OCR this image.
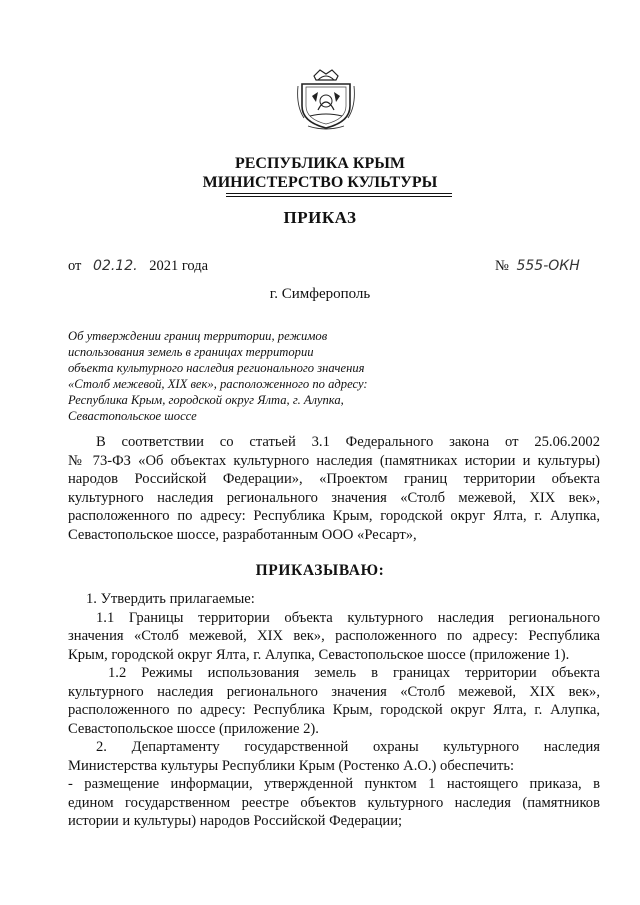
РЕСПУБЛИКА КРЫМ
МИНИСТЕРСТВО КУЛЬТУРЫ
ПРИКАЗ
от 02.12. 2021 года	№ 555-ОКН
г. Симферополь
Об утверждении границ территории, режимов
использования земель в границах территории
объекта культурного наследия регионального значения
«Столб межевой, XIX век», расположенного по адресу:
Республика Крым, городской округ Ялта, г. Алупка,
Севастопольское шоссе
В соответствии со статьей 3.1 Федерального закона от 25.06.2002
№ 73-ФЗ «Об объектах культурного наследия (памятниках истории и культуры)
народов Российской Федерации», «Проектом границ территории объекта
культурного наследия регионального значения «Столб межевой, XIX век»,
расположенного по адресу: Республика Крым, городской округ Ялта, г. Алупка,
Севастопольское шоссе, разработанным ООО «Ресарт»,
ПРИКАЗЫВАЮ:
1. Утвердить прилагаемые:
1.1 Границы территории объекта культурного наследия регионального
значения «Столб межевой, XIX век», расположенного по адресу: Республика
Крым, городской округ Ялта, г. Алупка, Севастопольское шоссе (приложение 1).
1.2 Режимы использования земель в границах территории объекта
культурного наследия регионального значения «Столб межевой, XIX век»,
расположенного по адресу: Республика Крым, городской округ Ялта, г. Алупка,
Севастопольское шоссе (приложение 2).
2. Департаменту государственной охраны культурного наследия
Министерства культуры Республики Крым (Ростенко А.О.) обеспечить:
- размещение информации, утвержденной пунктом 1 настоящего приказа, в
едином государственном реестре объектов культурного наследия (памятников
истории и культуры) народов Российской Федерации;
